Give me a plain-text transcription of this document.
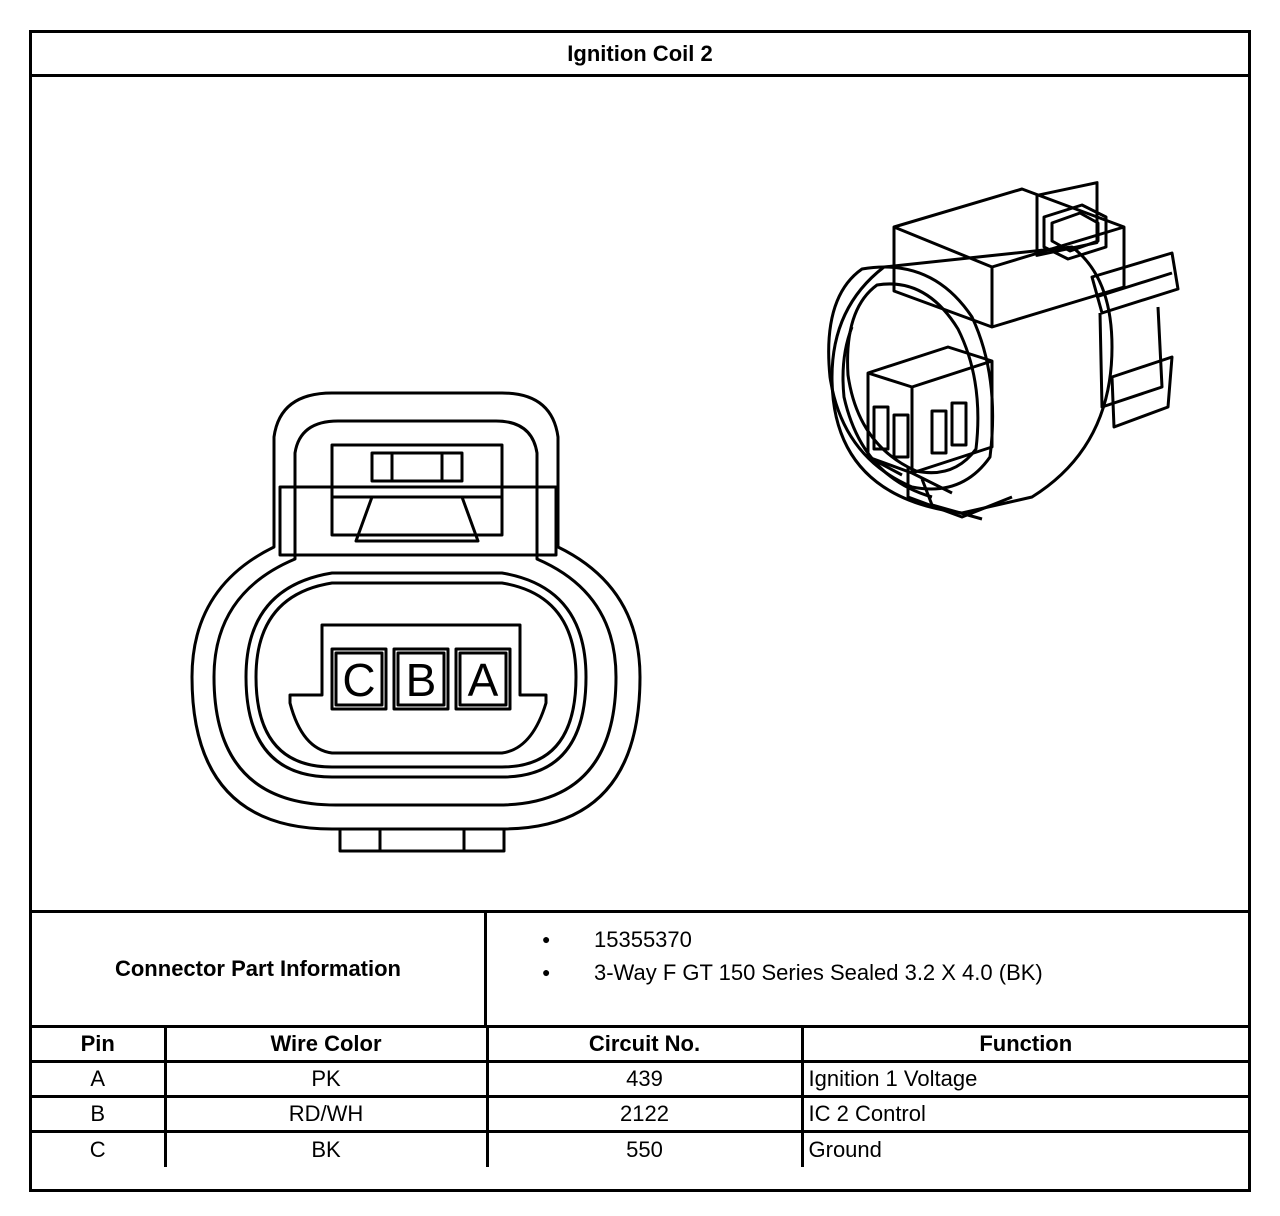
Ignition Coil 2
C B A
Connector Part Information
● 15355370
● 3-Way F GT 150 Series Sealed 3.2 X 4.0 (BK)
Pin	Wire Color	Circuit No.	Function
A	PK	439	Ignition 1 Voltage
B	RD/WH	2122	IC 2 Control
C	BK	550	Ground
